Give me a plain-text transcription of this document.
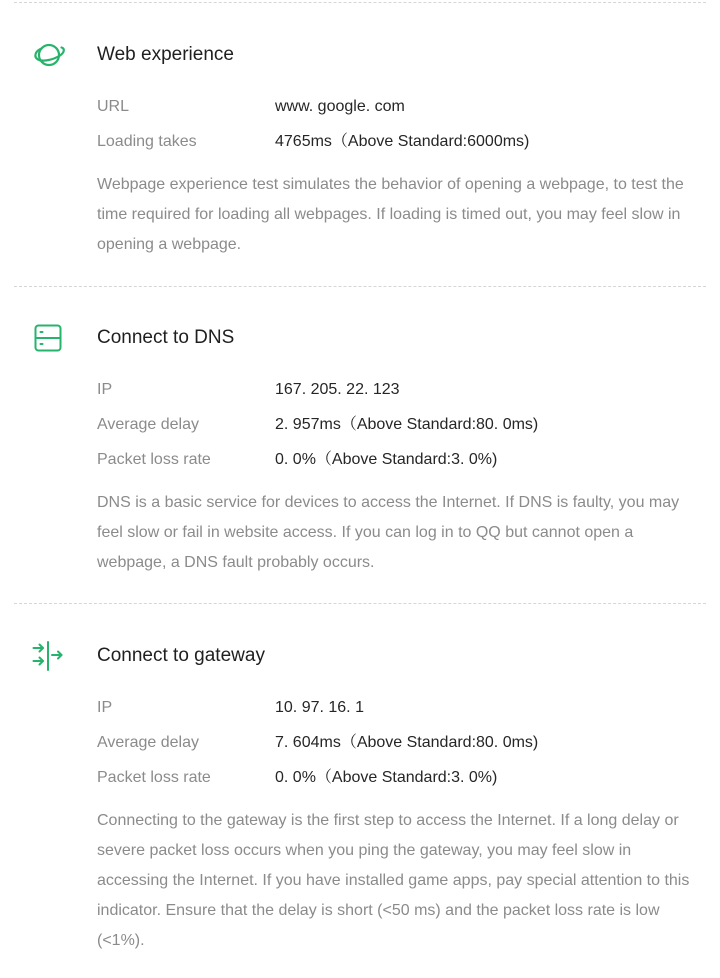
Web experience
URL	www. google. com
Loading takes	4765ms（Above Standard:6000ms)
Webpage experience test simulates the behavior of opening a webpage, to test the time required for loading all webpages. If loading is timed out, you may feel slow in opening a webpage.
Connect to DNS
IP	167. 205. 22. 123
Average delay	2. 957ms（Above Standard:80. 0ms)
Packet loss rate	0. 0%（Above Standard:3. 0%)
DNS is a basic service for devices to access the Internet. If DNS is faulty, you may feel slow or fail in website access. If you can log in to QQ but cannot open a webpage, a DNS fault probably occurs.
Connect to gateway
IP	10. 97. 16. 1
Average delay	7. 604ms（Above Standard:80. 0ms)
Packet loss rate	0. 0%（Above Standard:3. 0%)
Connecting to the gateway is the first step to access the Internet. If a long delay or severe packet loss occurs when you ping the gateway, you may feel slow in accessing the Internet. If you have installed game apps, pay special attention to this indicator. Ensure that the delay is short (<50 ms) and the packet loss rate is low (<1%).
